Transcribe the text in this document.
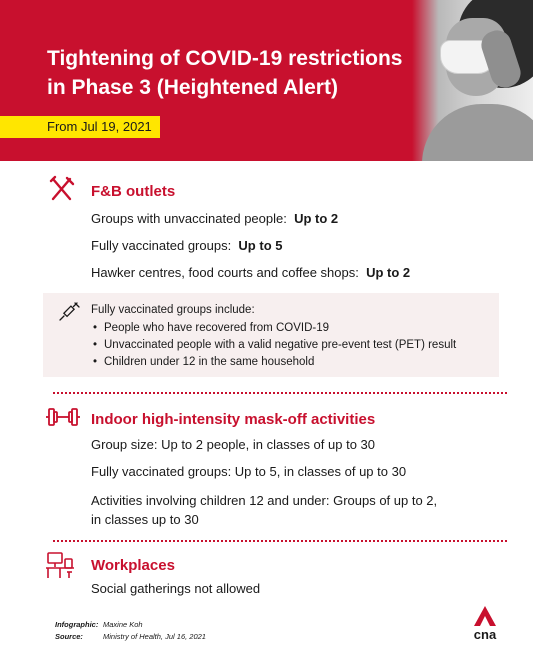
Tightening of COVID-19 restrictions
in Phase 3 (Heightened Alert)
From Jul 19, 2021
F&B outlets
Groups with unvaccinated people: Up to 2
Fully vaccinated groups: Up to 5
Hawker centres, food courts and coffee shops: Up to 2
Fully vaccinated groups include:
• People who have recovered from COVID-19
• Unvaccinated people with a valid negative pre-event test (PET) result
• Children under 12 in the same household
Indoor high-intensity mask-off activities
Group size: Up to 2 people, in classes of up to 30
Fully vaccinated groups: Up to 5, in classes of up to 30
Activities involving children 12 and under: Groups of up to 2,
in classes up to 30
Workplaces
Social gatherings not allowed
Infographic: Maxine Koh
Source:	Ministry of Health, Jul 16, 2021	cna
